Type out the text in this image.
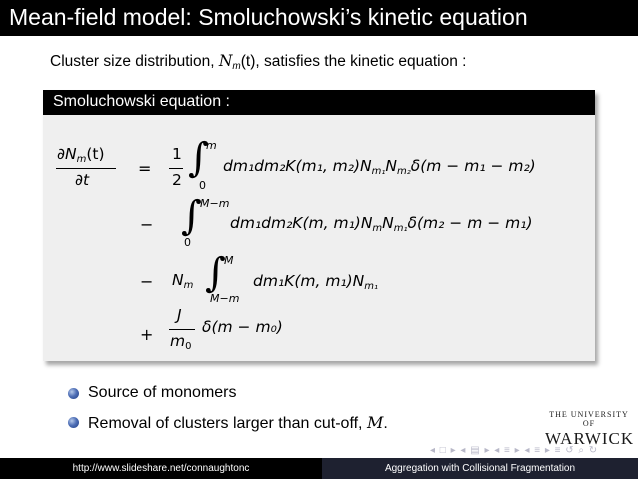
Mean-field model: Smoluchowski’s kinetic equation
Cluster size distribution, $N_m(t)$, satisfies the kinetic equation :
Smoluchowski equation :
$\partial N_m(t)$
∂t
=
1
2 ∫
m
0
dm₁dm₂K(m₁, $m_2)N_{m_1}N_{m_2}\delta(m - m_1 - m_2)$
− ∫
M−m
0
dm₁dm₂K(m, $m_1)N_mN_{m_1}\delta(m_2 - m - m_1)$
− $N_m$ ∫
M
M−m
dm₁K(m, $m_1)N_{m_1}$
+
J
m0
δ(m − m₀)
Source of monomers
Removal of clusters larger than cut-off, M.
THE UNIVERSITY OF
WARWICK
◂ □ ▸ ◂ ▤ ▸ ◂ ≡ ▸ ◂ ≡ ▸ ≡ ↺ ⌕ ↻
http://www.slideshare.net/connaughtonc	Aggregation with Collisional Fragmentation
